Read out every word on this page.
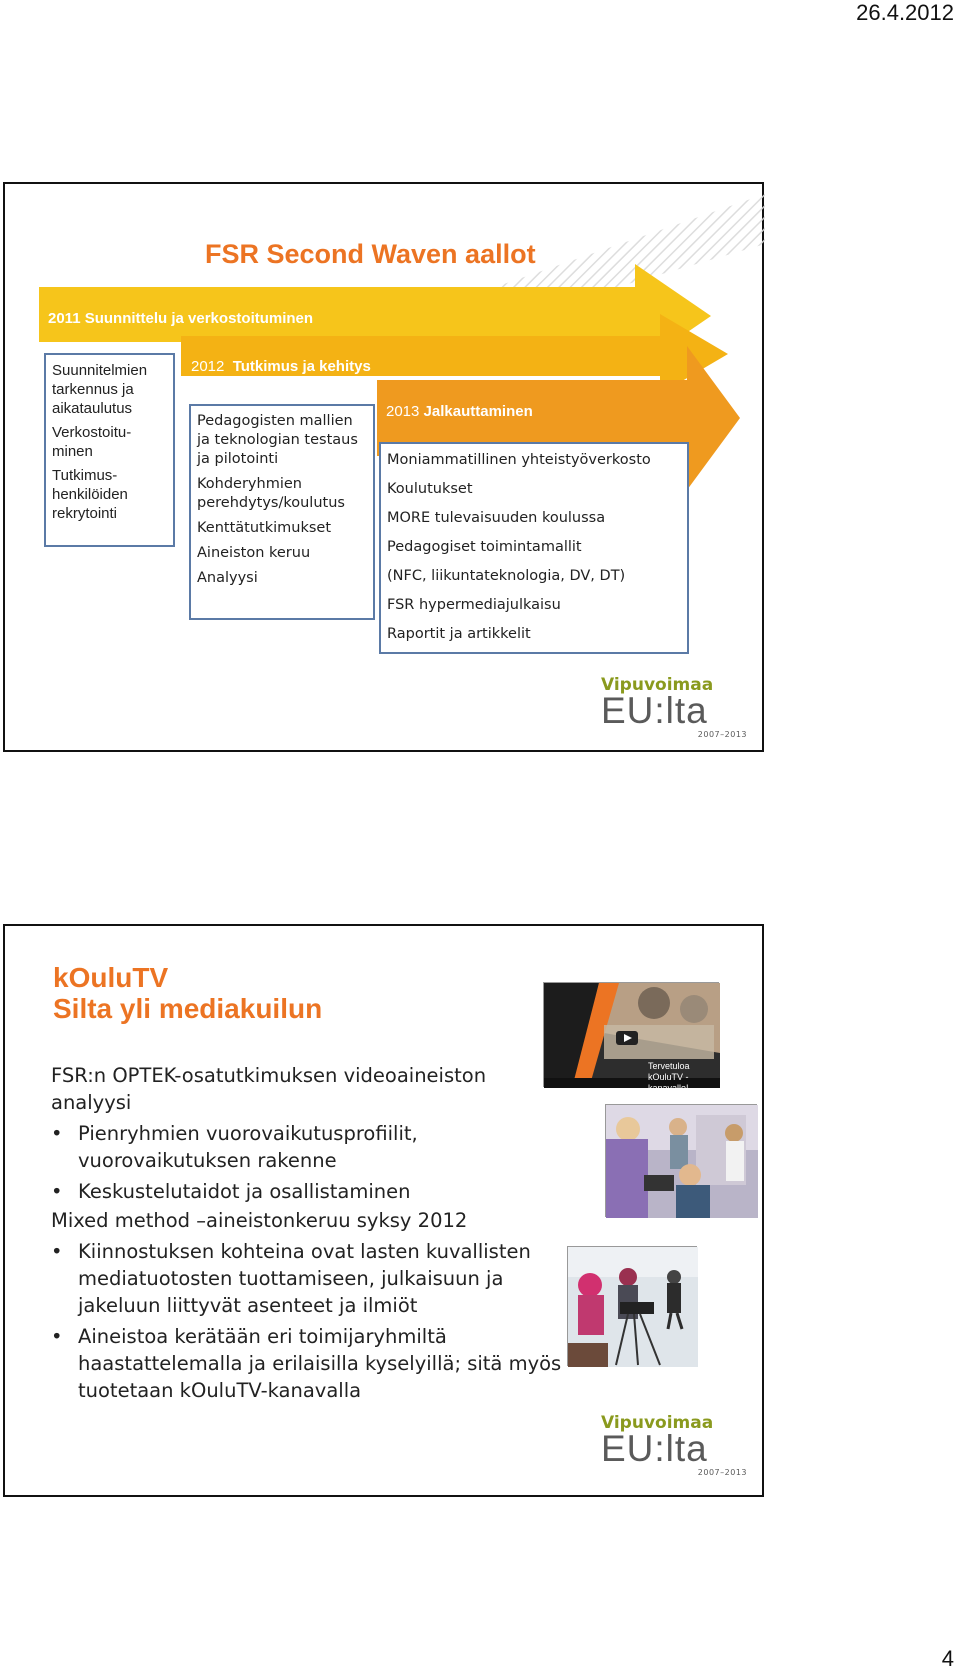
26.4.2012
FSR Second Waven aallot
2011 Suunnittelu ja verkostoituminen
2012 Tutkimus ja kehitys
2013 Jalkauttaminen

Suunnitelmien tarkennus ja aikataulutus

Verkostoitu-minen

Tutkimus-henkilöiden rekrytointi

Pedagogisten mallien ja teknologian testaus ja pilotointi

Kohderyhmien perehdytys/koulutus

Kenttätutkimukset

Aineiston keruu

Analyysi

Moniammatillinen yhteistyöverkosto

Koulutukset

MORE tulevaisuuden koulussa

Pedagogiset toimintamallit

(NFC, liikuntateknologia, DV, DT)

FSR hypermediajulkaisu

Raportit ja artikkelit

Vipuvoimaa
EU:lta
2007–2013
kOuluTV
Silta yli mediakuilun
FSR:n OPTEK-osatutkimuksen videoaineiston
analyysi
• Pienryhmien vuorovaikutusprofiilit, vuorovaikutuksen rakenne
• Keskustelutaidot ja osallistaminen
Mixed method –aineistonkeruu syksy 2012
• Kiinnostuksen kohteina ovat lasten kuvallisten mediatuotosten tuottamiseen, julkaisuun ja jakeluun liittyvät asenteet ja ilmiöt
• Aineistoa kerätään eri toimijaryhmiltä haastattelemalla ja erilaisilla kyselyillä; sitä myös tuotetaan kOuluTV-kanavalla
Tervetuloa kOuluTV - kanavalle!
Vipuvoimaa
EU:lta
2007–2013
4
